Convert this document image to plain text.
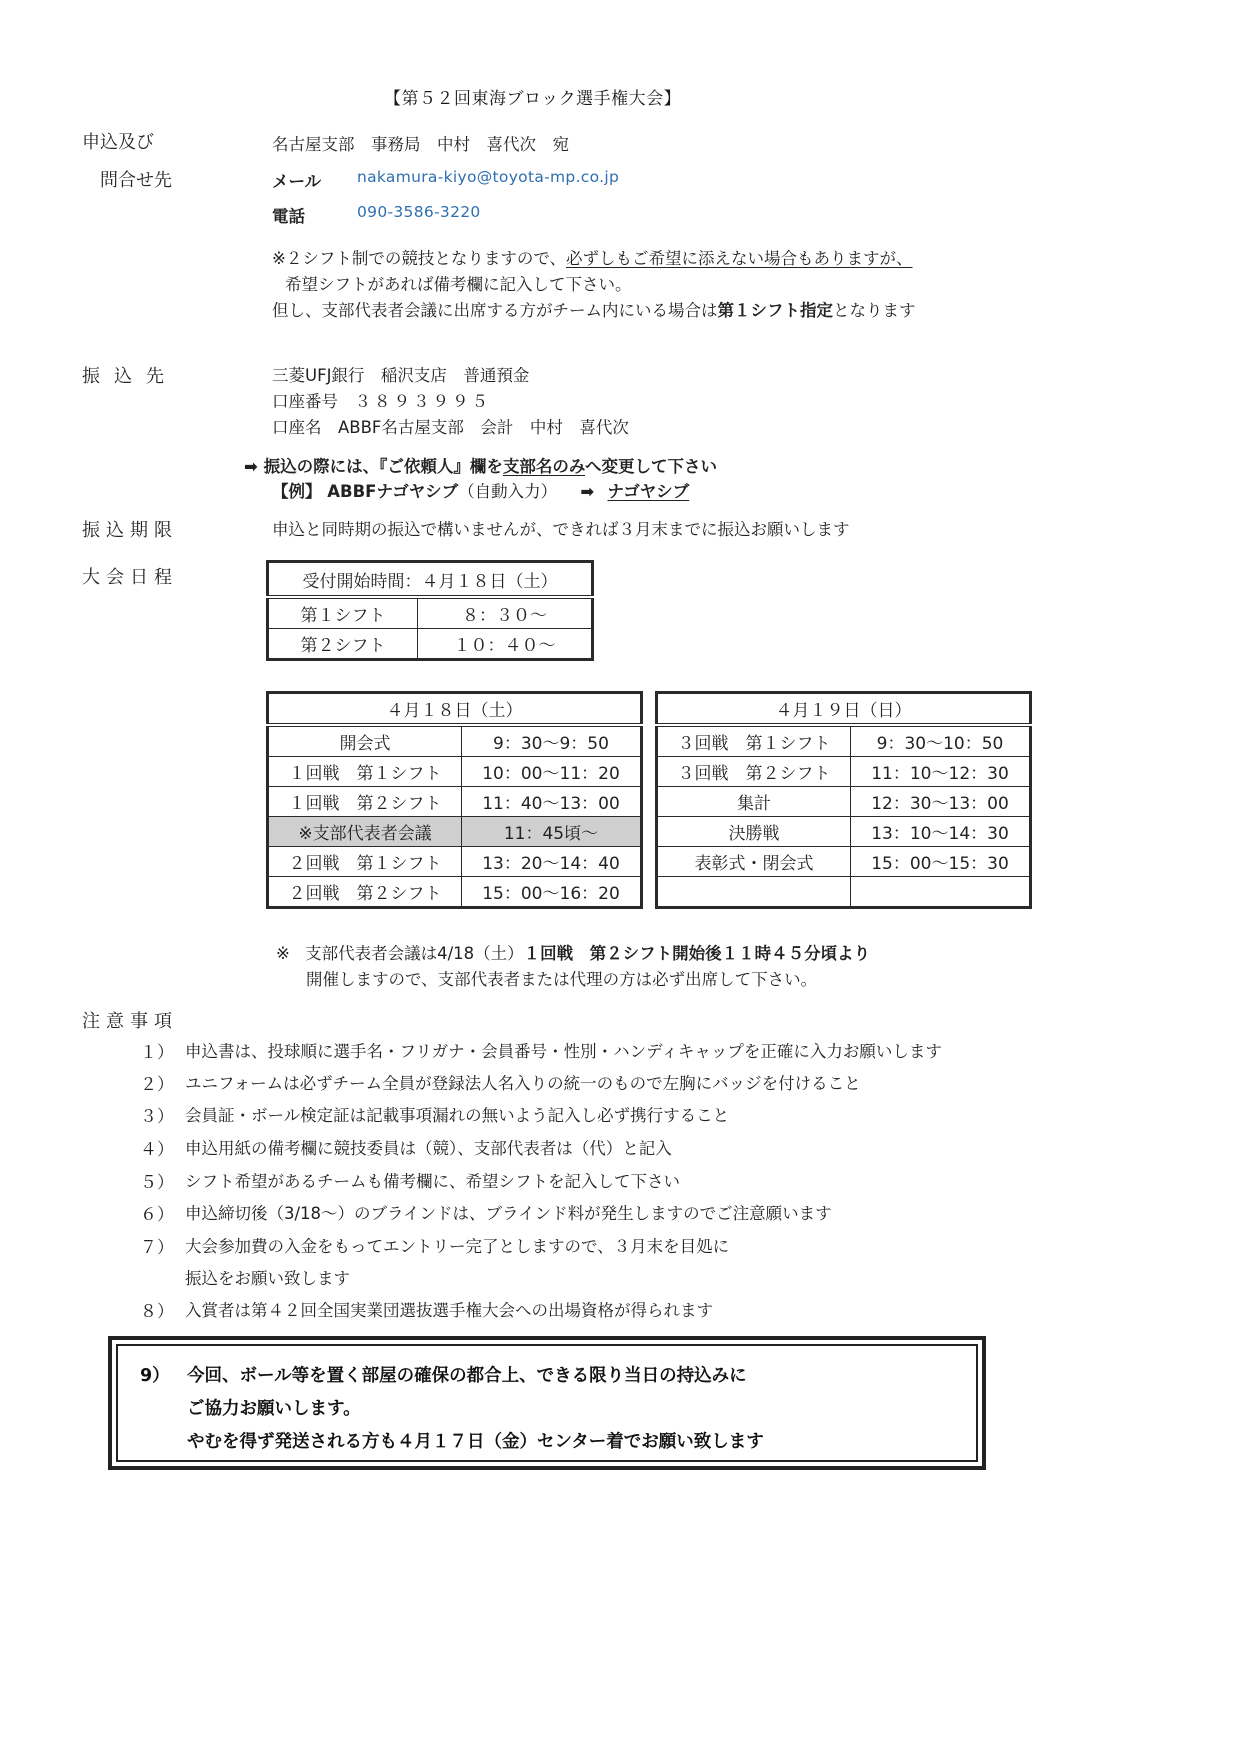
【第５２回東海ブロック選手権大会】
申込及び
問合せ先
名古屋支部　事務局　中村　喜代次　宛
メール nakamura-kiyo@toyota-mp.co.jp
電話	090-3586-3220
※２シフト制での競技となりますので、必ずしもご希望に添えない場合もありますが、
希望シフトがあれば備考欄に記入して下さい。
但し、支部代表者会議に出席する方がチーム内にいる場合は第１シフト指定となります
振込先	三菱UFJ銀行　稲沢支店　普通預金
口座番号　 ３８９３９９５
口座名　ABBF名古屋支部　会計　中村　喜代次
➡ 振込の際には、『ご依頼人』欄を支部名のみへ変更して下さい
【例】 ABBFナゴヤシブ（自動入力） ➡ ナゴヤシブ
振込期限	申込と同時期の振込で構いませんが、できれば３月末までに振込お願いします
大会日程	受付開始時間：４月１８日（土）	
第１シフト	８：３０～
第２シフト	１０：４０～
４月１８日（土）	
開会式	9：30～9：50
１回戦　第１シフト	10：00～11：20
１回戦　第２シフト	11：40～13：00
※支部代表者会議	11：45頃～
２回戦　第１シフト	13：20～14：40
２回戦　第２シフト	15：00～16：20
４月１９日（日）	
３回戦　第１シフト	9：30～10：50
３回戦　第２シフト	11：10～12：30
集計	12：30～13：00
決勝戦	13：10～14：30
表彰式・閉会式	15：00～15：30

※ 支部代表者会議は4/18（土）１回戦　第２シフト開始後１１時４５分頃より
開催しますので、支部代表者または代理の方は必ず出席して下さい。
注意事項
１） 申込書は、投球順に選手名・フリガナ・会員番号・性別・ハンディキャップを正確に入力お願いします
２） ユニフォームは必ずチーム全員が登録法人名入りの統一のもので左胸にバッジを付けること
３） 会員証・ボール検定証は記載事項漏れの無いよう記入し必ず携行すること
４） 申込用紙の備考欄に競技委員は（競）、支部代表者は（代）と記入
５） シフト希望があるチームも備考欄に、希望シフトを記入して下さい
６） 申込締切後（3/18～）のブラインドは、ブラインド料が発生しますのでご注意願います
７） 大会参加費の入金をもってエントリー完了としますので、３月末を目処に
振込をお願い致します
８） 入賞者は第４２回全国実業団選抜選手権大会への出場資格が得られます
9） 今回、ボール等を置く部屋の確保の都合上、できる限り当日の持込みに
ご協力お願いします。
やむを得ず発送される方も４月１７日（金）センター着でお願い致します
